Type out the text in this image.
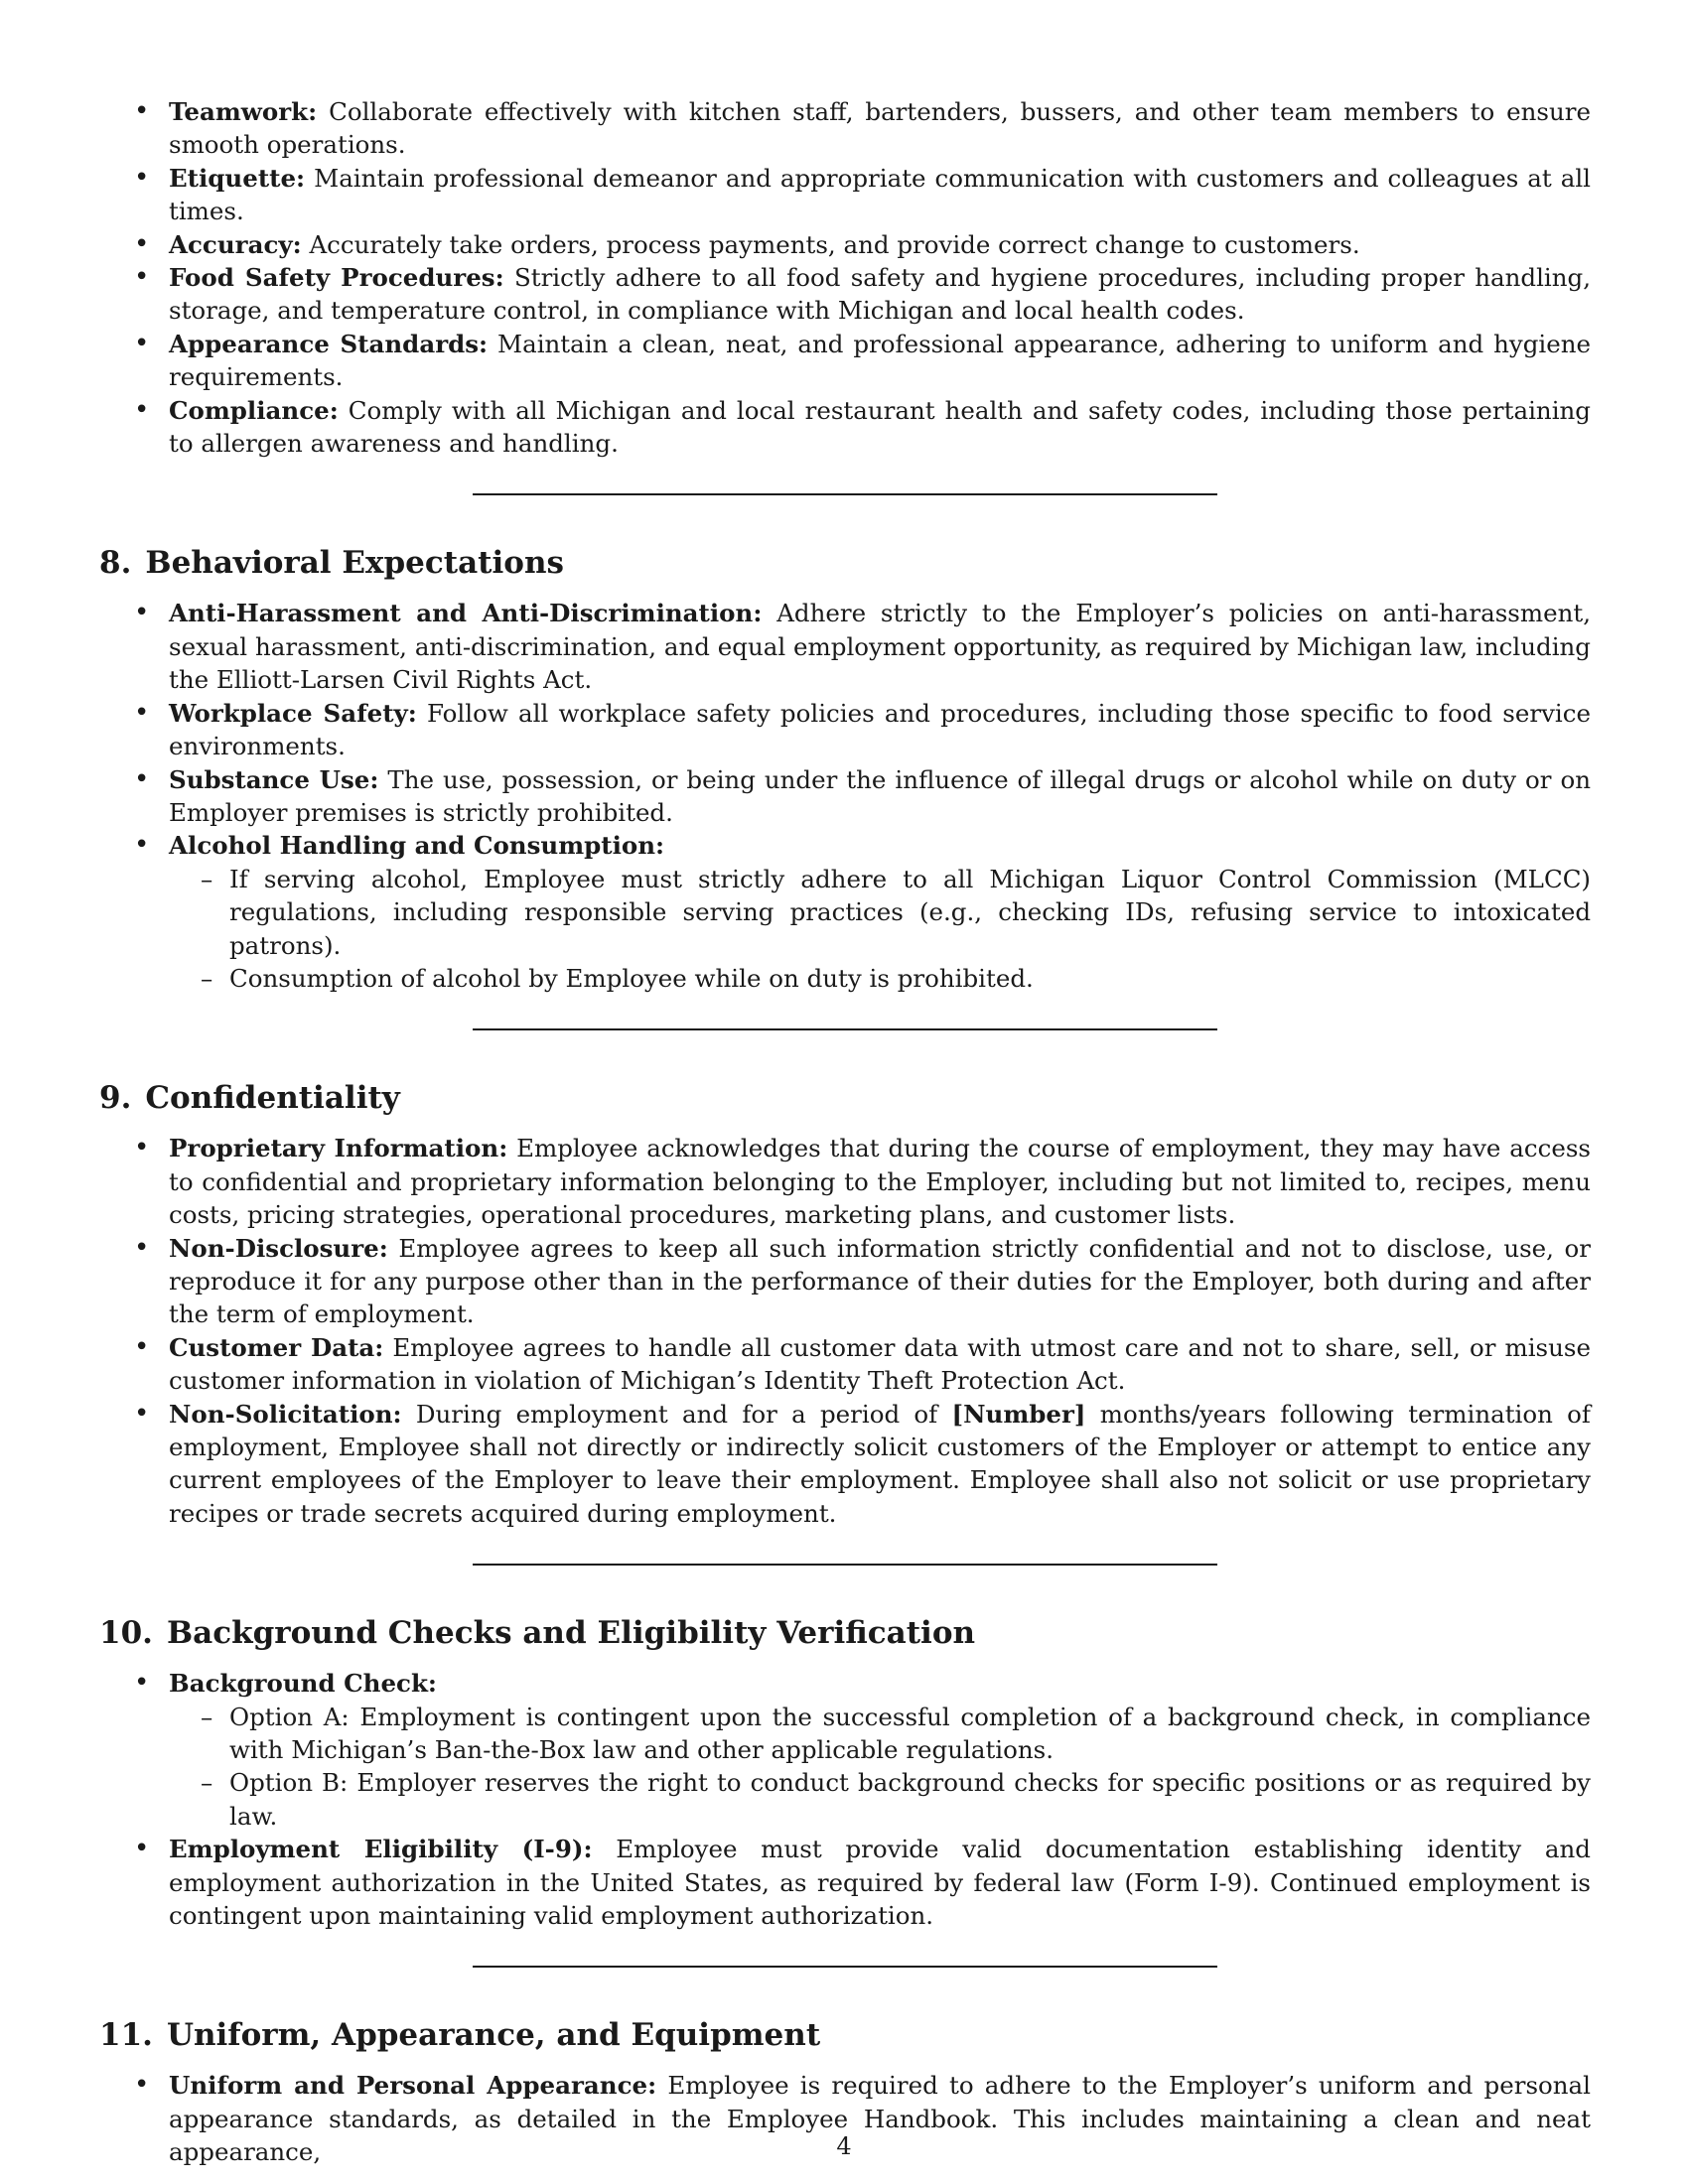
• Teamwork: Collaborate effectively with kitchen staff, bartenders, bussers, and other team members to ensure smooth operations.
• Etiquette: Maintain professional demeanor and appropriate communication with customers and colleagues at all times.
• Accuracy: Accurately take orders, process payments, and provide correct change to customers.
• Food Safety Procedures: Strictly adhere to all food safety and hygiene procedures, including proper handling, storage, and temperature control, in compliance with Michigan and local health codes.
• Appearance Standards: Maintain a clean, neat, and professional appearance, adhering to uniform and hygiene requirements.
• Compliance: Comply with all Michigan and local restaurant health and safety codes, including those pertaining to allergen awareness and handling.
8. Behavioral Expectations
• Anti-Harassment and Anti-Discrimination: Adhere strictly to the Employer’s policies on anti-harassment, sexual harassment, anti-discrimination, and equal employment opportunity, as required by Michigan law, including the Elliott-Larsen Civil Rights Act.
• Workplace Safety: Follow all workplace safety policies and procedures, including those specific to food service environments.
• Substance Use: The use, possession, or being under the influence of illegal drugs or alcohol while on duty or on Employer premises is strictly prohibited.
• Alcohol Handling and Consumption:
– If serving alcohol, Employee must strictly adhere to all Michigan Liquor Control Commission (MLCC) regulations, including responsible serving practices (e.g., checking IDs, refusing service to intoxicated patrons).
– Consumption of alcohol by Employee while on duty is prohibited.
9. Confidentiality
• Proprietary Information: Employee acknowledges that during the course of employment, they may have access to confidential and proprietary information belonging to the Employer, including but not limited to, recipes, menu costs, pricing strategies, operational procedures, marketing plans, and customer lists.
• Non-Disclosure: Employee agrees to keep all such information strictly confidential and not to disclose, use, or reproduce it for any purpose other than in the performance of their duties for the Employer, both during and after the term of employment.
• Customer Data: Employee agrees to handle all customer data with utmost care and not to share, sell, or misuse customer information in violation of Michigan’s Identity Theft Protection Act.
• Non-Solicitation: During employment and for a period of [Number] months/years following termination of employment, Employee shall not directly or indirectly solicit customers of the Employer or attempt to entice any current employees of the Employer to leave their employment. Employee shall also not solicit or use proprietary recipes or trade secrets acquired during employment.
10. Background Checks and Eligibility Verification
• Background Check:
– Option A: Employment is contingent upon the successful completion of a background check, in compliance with Michigan’s Ban-the-Box law and other applicable regulations.
– Option B: Employer reserves the right to conduct background checks for specific positions or as required by law.
• Employment Eligibility (I-9): Employee must provide valid documentation establishing identity and employment authorization in the United States, as required by federal law (Form I-9). Continued employment is contingent upon maintaining valid employment authorization.
11. Uniform, Appearance, and Equipment
• Uniform and Personal Appearance: Employee is required to adhere to the Employer’s uniform and personal appearance standards, as detailed in the Employee Handbook. This includes maintaining a clean and neat appearance,	4
